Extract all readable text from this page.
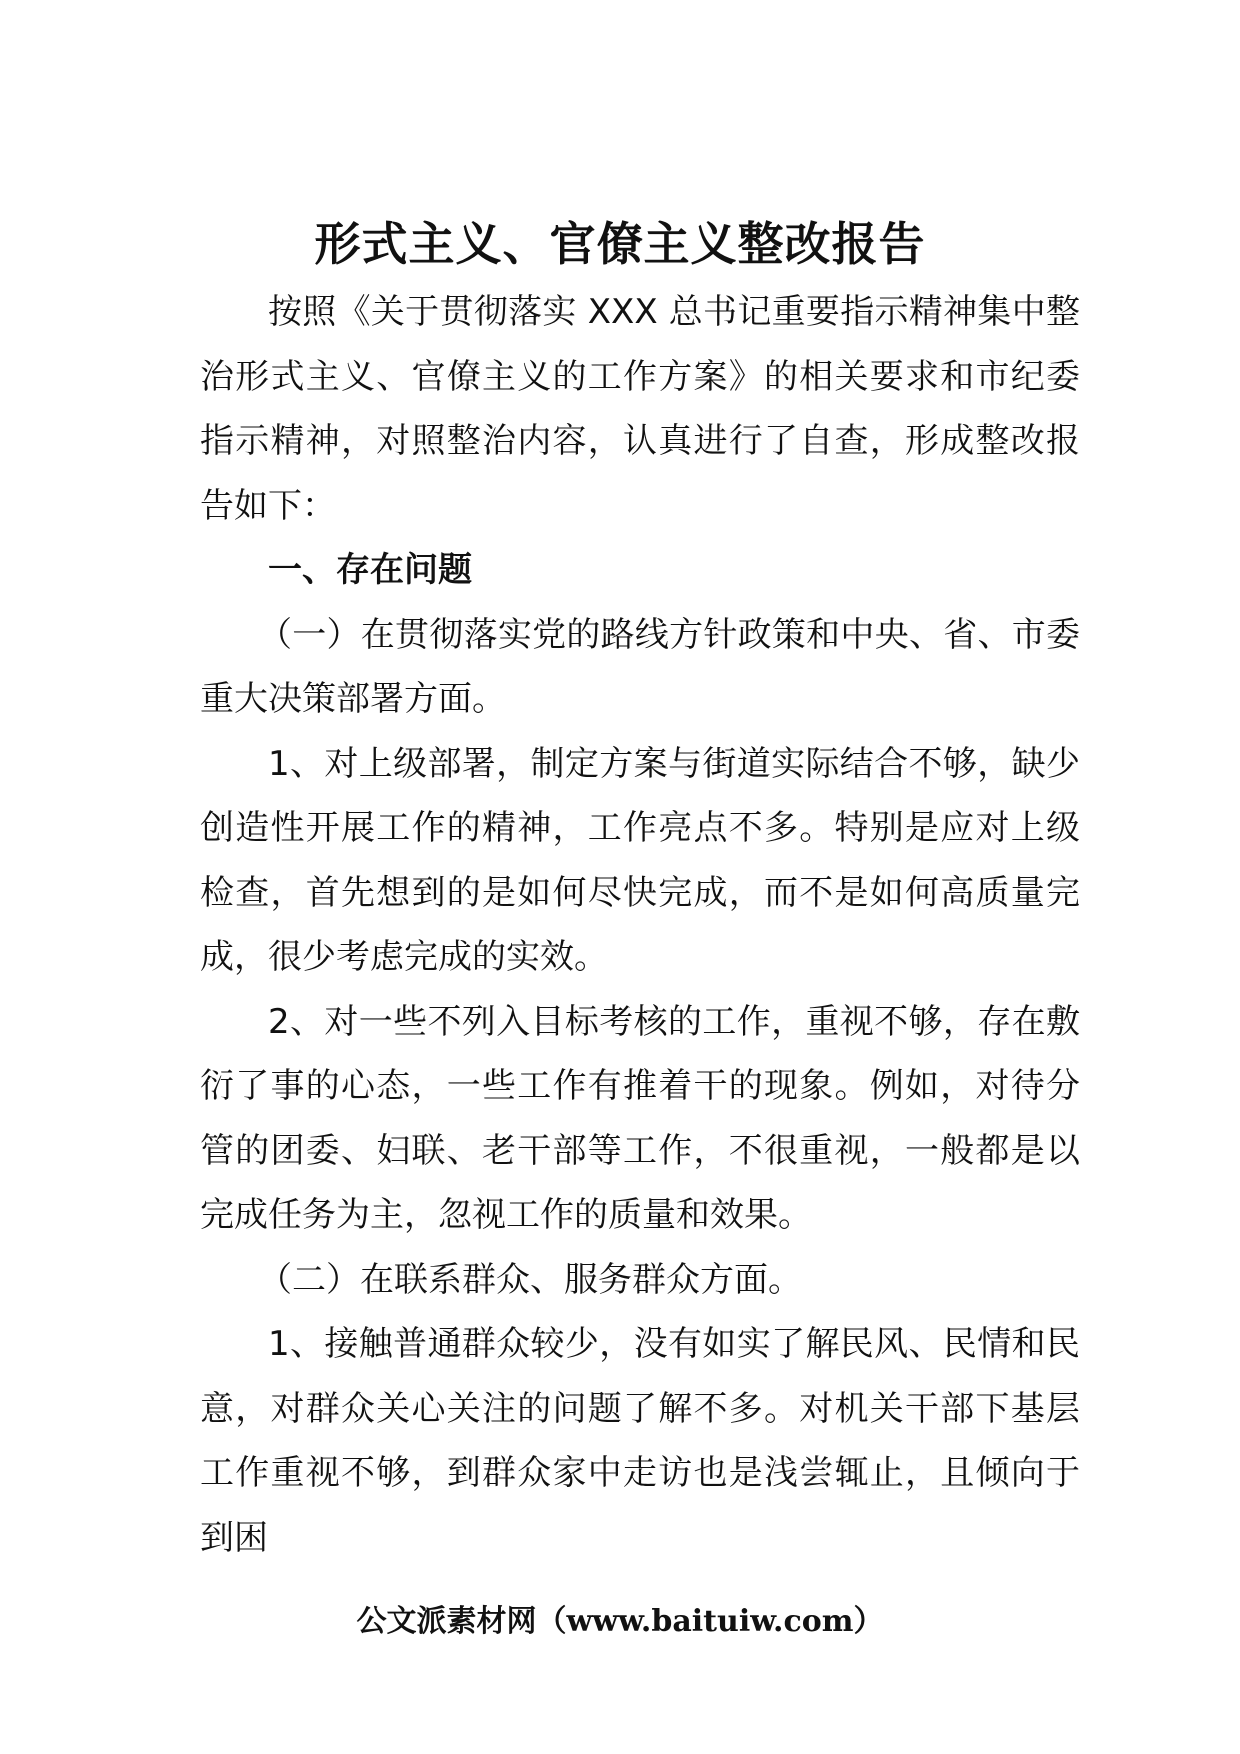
形式主义、官僚主义整改报告

按照《关于贯彻落实 XXX 总书记重要指示精神集中整治形式主义、官僚主义的工作方案》的相关要求和市纪委指示精神，对照整治内容，认真进行了自查，形成整改报告如下：

一、存在问题

（一）在贯彻落实党的路线方针政策和中央、省、市委重大决策部署方面。

1、对上级部署，制定方案与街道实际结合不够，缺少创造性开展工作的精神，工作亮点不多。特别是应对上级检查，首先想到的是如何尽快完成，而不是如何高质量完成，很少考虑完成的实效。

2、对一些不列入目标考核的工作，重视不够，存在敷衍了事的心态，一些工作有推着干的现象。例如，对待分管的团委、妇联、老干部等工作，不很重视，一般都是以完成任务为主，忽视工作的质量和效果。

（二）在联系群众、服务群众方面。

1、接触普通群众较少，没有如实了解民风、民情和民意，对群众关心关注的问题了解不多。对机关干部下基层工作重视不够，到群众家中走访也是浅尝辄止，且倾向于到困

公文派素材网（www.baituiw.com）
